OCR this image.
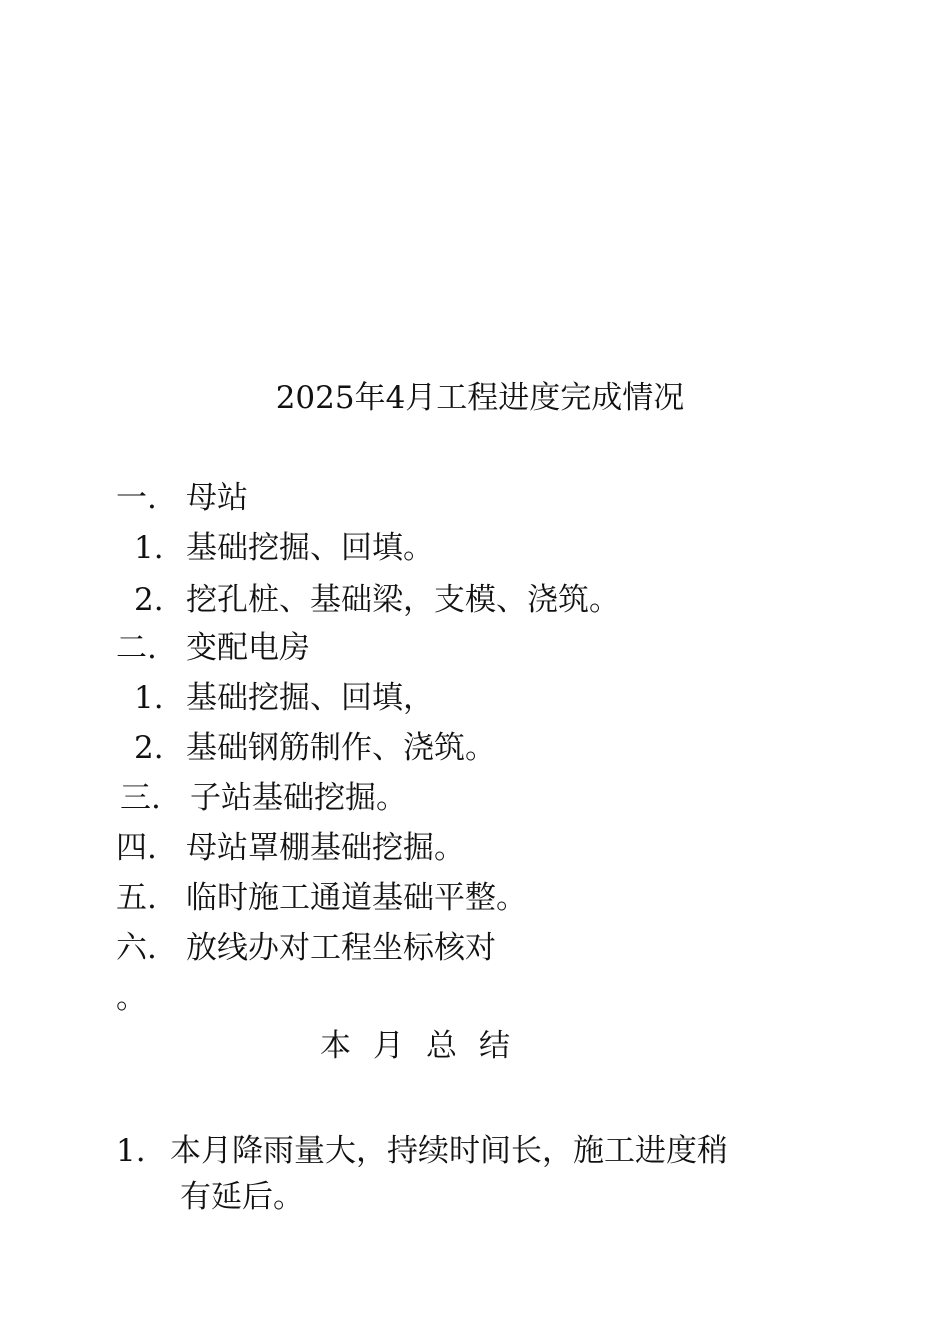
2025年4月工程进度完成情况
一. 母站
1. 基础挖掘、回填。
2. 挖孔桩、基础梁，支模、浇筑。
二. 变配电房
1. 基础挖掘、回填，
2. 基础钢筋制作、浇筑。
三. 子站基础挖掘。
四. 母站罩棚基础挖掘。
五. 临时施工通道基础平整。
六. 放线办对工程坐标核对
。
本月总结
1. 本月降雨量大，持续时间长，施工进度稍
有延后。
